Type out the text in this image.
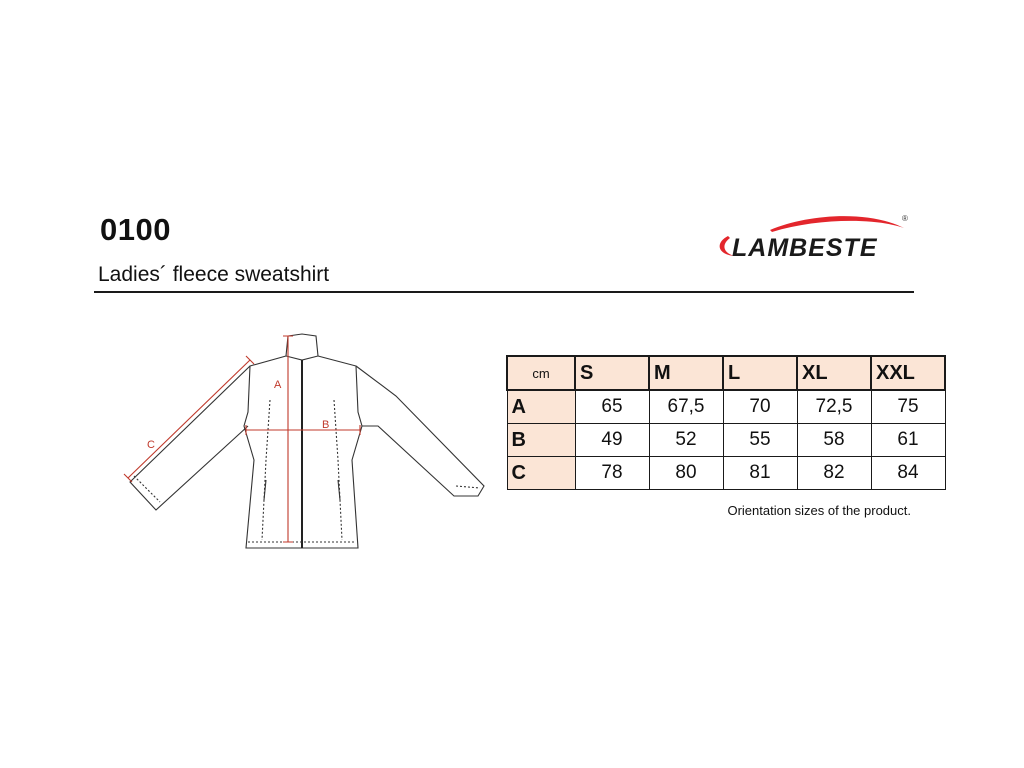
0100
Ladies´ fleece sweatshirt
LAMBESTE
®
A
B
C
cm	S	M	L	XL	XXL
A	65	67,5	70	72,5	75
B	49	52	55	58	61
C	78	80	81	82	84
Orientation sizes of the product.
